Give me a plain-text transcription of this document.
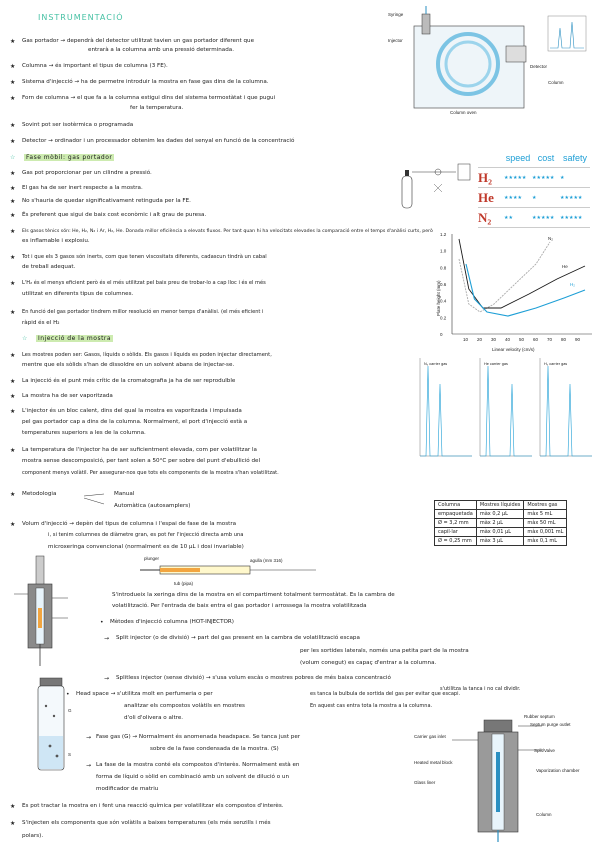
INSTRUMENTACIÓ
★ Gas portador → dependrà del detector utilitzat tavien un gas portador diferent que
entrarà a la columna amb una pressió determinada.
★ Columna → és important el tipus de columna (3 FE).
★ Sistema d'injecció → ha de permetre introduir la mostra en fase gas dins de la columna.
★ Forn de columna → el que fa a la columna estigui dins del sistema termostàtat i que pugui
fer la temperatura.
★ Sovint pot ser isotèrmica o programada
★ Detector → ordinador i un processador obtenim les dades del senyal en funció de la concentració
Syringe
Injector
Detector
Column
Column oven
☆	Fase mòbil: gas portador
★ Gas pot proporcionar per un cilindre a pressió.
★ El gas ha de ser inert respecte a la mostra.
★ No s'hauria de quedar significativament retinguda per la FE.
★ És preferent que sigui de baix cost econòmic i alt grau de puresa.
★ Els gasos tènics són: He, H₂, N₂ i Ar, H₂, He. Donada millor eficiència a elevats fluxos. Per tant quan hi ha velocitats elevades la comparació entre el temps d'anàlisi curts, però
es inflamable i explosiu.
★ Tot i que els 3 gasos són inerts, com que tenen viscositats diferents, cadascun tindrà un cabal
de treball adequat.
★ L'H₂ és el menys eficient però és el més utilitzat pel baix preu de trobar-lo a cap lloc i és el més
utilitzat en diferents tipus de columnes.
★ En funció del gas portador tindrem millor resolució en menor temps d'anàlisi. (el més eficient i
ràpid és el H₂
	speed	cost	safety
H₂	★★★★★	★★★★★	★
He	★★★★	★	★★★★★
N₂	★★	★★★★★	★★★★★
Plate height (mm)
Linear velocity (cm/s)
10 20 30 40 50 60 70 80 90
0
0.2
0.4
0.6
0.8
1.0
1.2
N₂
He
H₂
☆	Injecció de la mostra
★ Les mostres poden ser: Gasos, líquids o sòlids. Els gasos i líquids es poden injectar directament,
mentre que els sòlids s'han de dissoldre en un solvent abans de injectar-se.
★ La injecció és el punt més crític de la cromatografia ja ha de ser reproduïble
★ La mostra ha de ser vaporitzada
★ L'injector és un bloc calent, dins del qual la mostra es vaporitzada i impulsada
pel gas portador cap a dins de la columna. Normalment, el port d'injecció està a
temperatures superiors a les de la columna.
★ La temperatura de l'injector ha de ser suficientment elevada, com per volatilitzar la
mostra sense descomposició, per tant solen a 50°C per sobre del punt d'ebullició del
component menys volàtil. Per assegurar-nos que tots els components de la mostra s'han volatilitzat.
N₂ carrier gas	He carrier gas	H₂ carrier gas
★ Metodologia	Manual
Automàtica (autosamplers)
★ Volum d'injecció → depèn del tipus de columna i l'espai de fase de la mostra
i, si tenim columnes de diàmetre gran, es pot fer l'injecció directa amb una
microxeringa convencional (normalment es de 10 µL i dosi invariable)
Columna	Mostres líquides	Mostres gas
empaquetada	màx 0,2 µL	màx 5 mL
Ø = 3,2 mm	màx 2 µL	màx 50 mL
capil·lar	màx 0,01 µL	màx 0,001 mL
Ø = 0,25 mm	màx 3 µL	màx 0,1 mL
plunger	agulla (mm 316)
tub (pipa)
S'introdueix la xeringa dins de la mostra en el compartiment totalment termostàtat. Es la cambra de
volatilització. Per l'entrada de baix entra el gas portador i arrossega la mostra volatilitzada
• Mètodes d'injecció columna (HOT-INJECTOR)
→ Split injector (o de divisió) → part del gas present en la cambra de volatilització escapa
per les sortides laterals, només una petita part de la mostra
(volum conegut) es capaç d'entrar a la columna.
→ Splitless injector (sense divisió) → s'usa volum escàs o mostres pobres de més baixa concentració
s'utilitza la tanca i no cal dividir.
• Head space → s'utilitza molt en perfumeria o per
analitzar els compostos volàtils en mostres
d'oli d'olivera o altre.
es tanca la bulbula de sortida del gas per evitar que escapi.
En aquest cas entra tota la mostra a la columna.
G
S
→ Fase gas (G) → Normalment és anomenada headspace. Se tanca just per
sobre de la fase condensada de la mostra. (S)
→ La fase de la mostra conté els compostos d'interès. Normalment està en
forma de líquid o sòlid en combinació amb un solvent de dilució o un
modificador de matriu
★ Es pot tractar la mostra en i fent una reacció química per volatilitzar els compostos d'interès.
★ S'injecten els components que són volàtils a baixes temperatures (els més senzills i més
polars).
Rubber septum
Septum purge outlet
Carrier gas inlet
Heated metal block
Glass liner
Split/Valve
Vaporization chamber
Column
